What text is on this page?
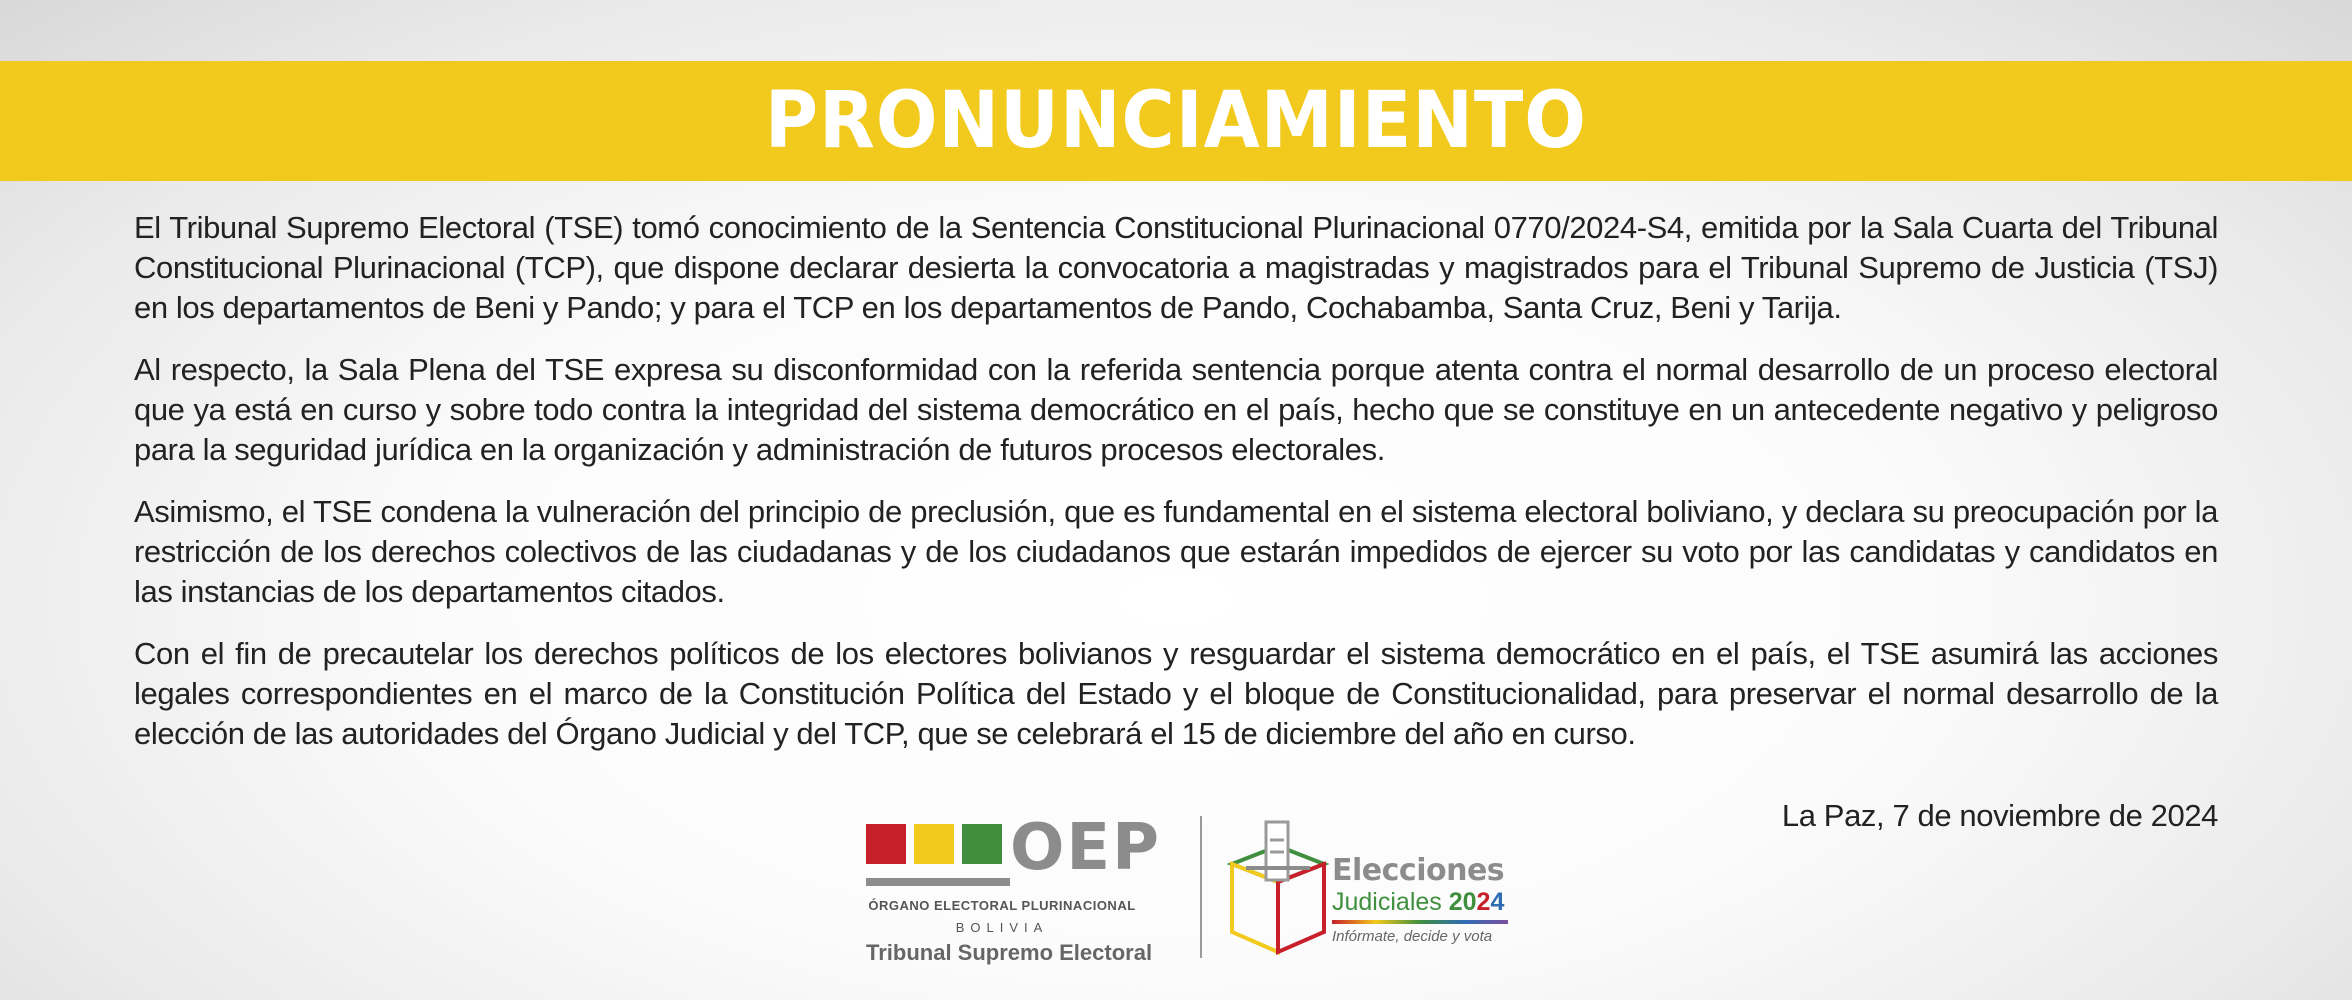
PRONUNCIAMIENTO

El Tribunal Supremo Electoral (TSE) tomó conocimiento de la Sentencia Constitucional Plurinacional 0770/2024-S4, emitida por la Sala Cuarta del Tribunal Constitucional Plurinacional (TCP), que dispone declarar desierta la convocatoria a magistradas y magistrados para el Tribunal Supremo de Justicia (TSJ) en los departamentos de Beni y Pando; y para el TCP en los departamentos de Pando, Cochabamba, Santa Cruz, Beni y Tarija.

Al respecto, la Sala Plena del TSE expresa su disconformidad con la referida sentencia porque atenta contra el normal desarrollo de un proceso electoral que ya está en curso y sobre todo contra la integridad del sistema democrático en el país, hecho que se constituye en un antecedente negativo y peligroso para la seguridad jurídica en la organización y administración de futuros procesos electorales.

Asimismo, el TSE condena la vulneración del principio de preclusión, que es fundamental en el sistema electoral boliviano, y declara su preocupación por la restricción de los derechos colectivos de las ciudadanas y de los ciudadanos que estarán impedidos de ejercer su voto por las candidatas y candidatos en las instancias de los departamentos citados.

Con el fin de precautelar los derechos políticos de los electores bolivianos y resguardar el sistema democrático en el país, el TSE asumirá las acciones legales correspondientes en el marco de la Constitución Política del Estado y el bloque de Constitucionalidad, para preservar el normal desarrollo de la elección de las autoridades del Órgano Judicial y del TCP, que se celebrará el 15 de diciembre del año en curso.

La Paz, 7 de noviembre de 2024
OEP
ÓRGANO ELECTORAL PLURINACIONAL
BOLIVIA
Tribunal Supremo Electoral
Elecciones
Judiciales 2024
Infórmate, decide y vota
